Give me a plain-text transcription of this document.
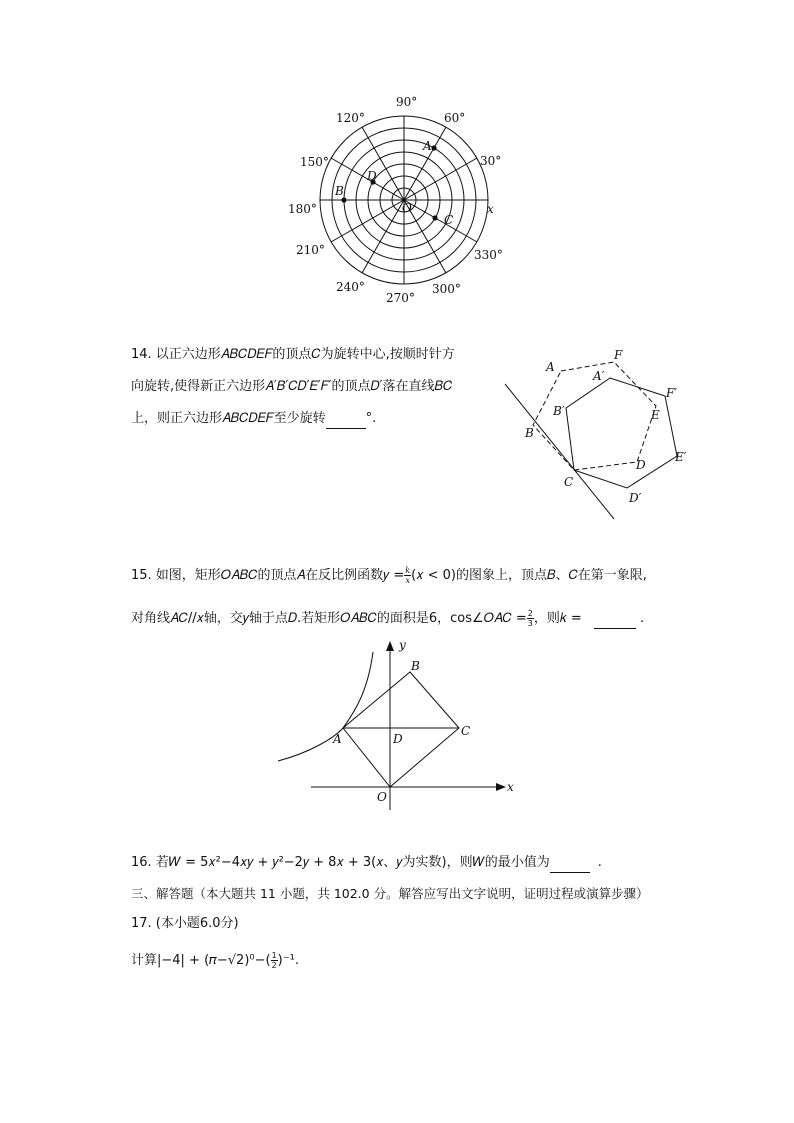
90°
60°
120°
30°
150°
180°
210°	330°
240°	300°
270°
A
B
C
D
O	x
14. 以正六边形𝐴𝐵𝐶𝐷𝐸𝐹的顶点𝐶为旋转中心,按顺时针方
向旋转,使得新正六边形𝐴′𝐵′𝐶𝐷′𝐸′𝐹′的顶点𝐷′落在直线𝐵𝐶
上，则正六边形𝐴𝐵𝐶𝐷𝐸𝐹至少旋转	°.
A
F
A′
F′
B′	E
B
E′
D
C
D′
15. 如图，矩形𝑂𝐴𝐵𝐶的顶点𝐴在反比例函数𝑦 = $\frac{k}{x}$ (𝑥 < 0)的图象上，顶点𝐵、𝐶在第一象限,
对角线𝐴𝐶//𝑥轴，交𝑦轴于点𝐷.若矩形𝑂𝐴𝐵𝐶的面积是6，cos∠𝑂𝐴𝐶 = $\frac{2}{3}$ ，则𝑘 =	.
y
B
C
A	D
O
x
16. 若𝑊 = 5𝑥²−4𝑥𝑦 + 𝑦²−2𝑦 + 8𝑥 + 3(𝑥、𝑦为实数)，则𝑊的最小值为	.
三、解答题（本大题共 11 小题，共 102.0 分。解答应写出文字说明，证明过程或演算步骤）
17. (本小题6.0分)
计算|−4| + (𝜋−√2)⁰−( $\frac{1}{2} )^{-1}$.
